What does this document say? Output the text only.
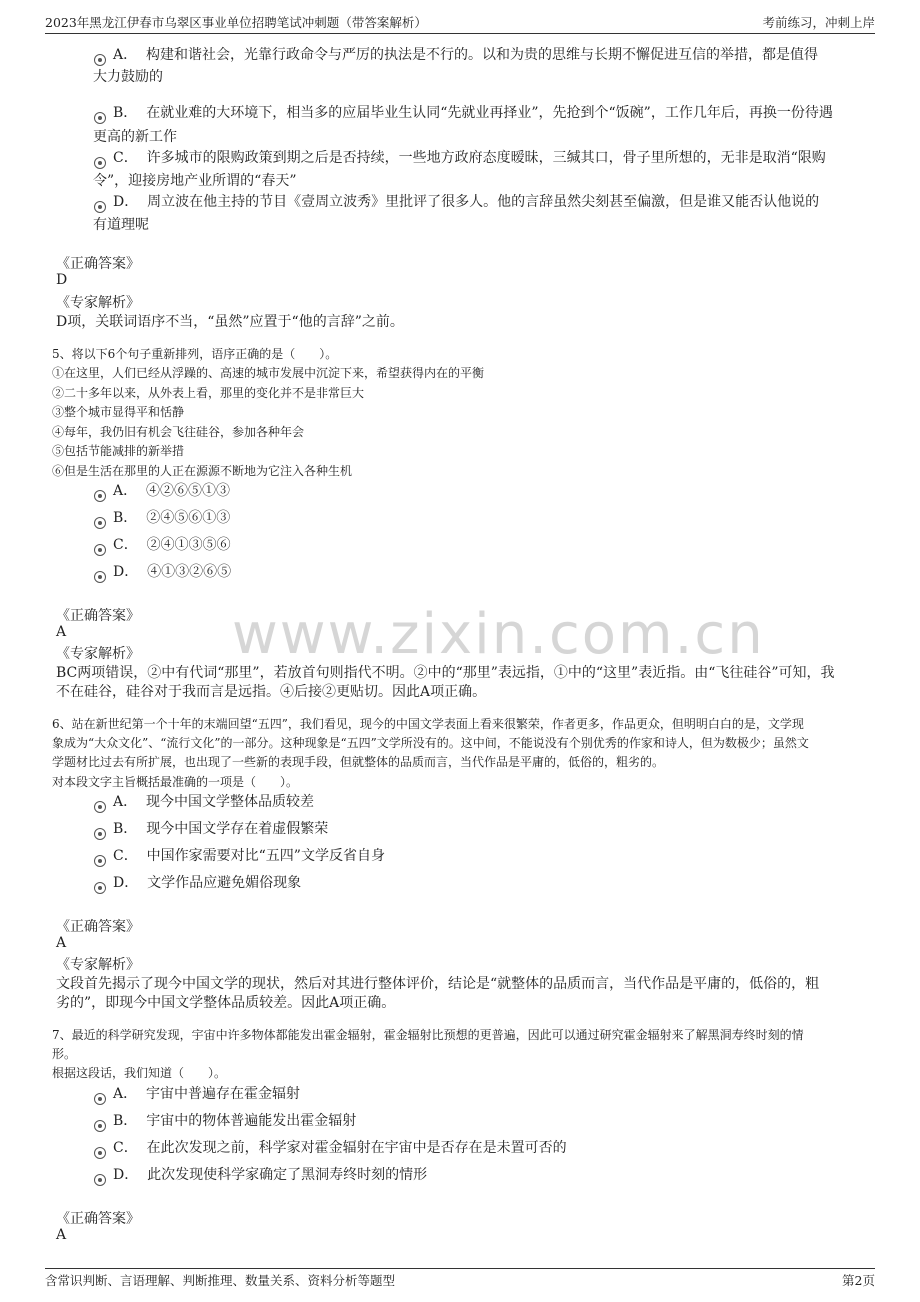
2023年黑龙江伊春市乌翠区事业单位招聘笔试冲刺题（带答案解析）	考前练习，冲刺上岸
www.zixin.com.cn
A． 构建和谐社会，光靠行政命令与严厉的执法是不行的。以和为贵的思维与长期不懈促进互信的举措，都是值得
大力鼓励的
B． 在就业难的大环境下，相当多的应届毕业生认同“先就业再择业”，先抢到个“饭碗”，工作几年后，再换一份待遇
更高的新工作
C． 许多城市的限购政策到期之后是否持续，一些地方政府态度暧昧，三缄其口，骨子里所想的，无非是取消“限购
令”，迎接房地产业所谓的“春天”
D． 周立波在他主持的节目《壹周立波秀》里批评了很多人。他的言辞虽然尖刻甚至偏激，但是谁又能否认他说的
有道理呢
《正确答案》
D
《专家解析》
D项，关联词语序不当，“虽然”应置于“他的言辞”之前。
5、将以下6个句子重新排列，语序正确的是（　　）。
①在这里，人们已经从浮躁的、高速的城市发展中沉淀下来，希望获得内在的平衡
②二十多年以来，从外表上看，那里的变化并不是非常巨大
③整个城市显得平和恬静
④每年，我仍旧有机会飞往硅谷，参加各种年会
⑤包括节能减排的新举措
⑥但是生活在那里的人正在源源不断地为它注入各种生机
A． ④②⑥⑤①③
B． ②④⑤⑥①③
C． ②④①③⑤⑥
D． ④①③②⑥⑤
《正确答案》
A
《专家解析》
BC两项错误，②中有代词“那里”，若放首句则指代不明。②中的“那里”表远指，①中的“这里”表近指。由“飞往硅谷”可知，我
不在硅谷，硅谷对于我而言是远指。④后接②更贴切。因此A项正确。
6、站在新世纪第一个十年的末端回望“五四”，我们看见，现今的中国文学表面上看来很繁荣，作者更多，作品更众，但明明白白的是，文学现
象成为“大众文化”、“流行文化”的一部分。这种现象是“五四”文学所没有的。这中间，不能说没有个别优秀的作家和诗人，但为数极少；虽然文
学题材比过去有所扩展，也出现了一些新的表现手段，但就整体的品质而言，当代作品是平庸的，低俗的，粗劣的。
对本段文字主旨概括最准确的一项是（　　）。
A． 现今中国文学整体品质较差
B． 现今中国文学存在着虚假繁荣
C． 中国作家需要对比“五四”文学反省自身
D． 文学作品应避免媚俗现象
《正确答案》
A
《专家解析》
文段首先揭示了现今中国文学的现状，然后对其进行整体评价，结论是“就整体的品质而言，当代作品是平庸的，低俗的，粗
劣的”，即现今中国文学整体品质较差。因此A项正确。
7、最近的科学研究发现，宇宙中许多物体都能发出霍金辐射，霍金辐射比预想的更普遍，因此可以通过研究霍金辐射来了解黑洞寿终时刻的情
形。
根据这段话，我们知道（　　）。
A． 宇宙中普遍存在霍金辐射
B． 宇宙中的物体普遍能发出霍金辐射
C． 在此次发现之前，科学家对霍金辐射在宇宙中是否存在是未置可否的
D． 此次发现使科学家确定了黑洞寿终时刻的情形
《正确答案》
A
含常识判断、言语理解、判断推理、数量关系、资料分析等题型	第2页
